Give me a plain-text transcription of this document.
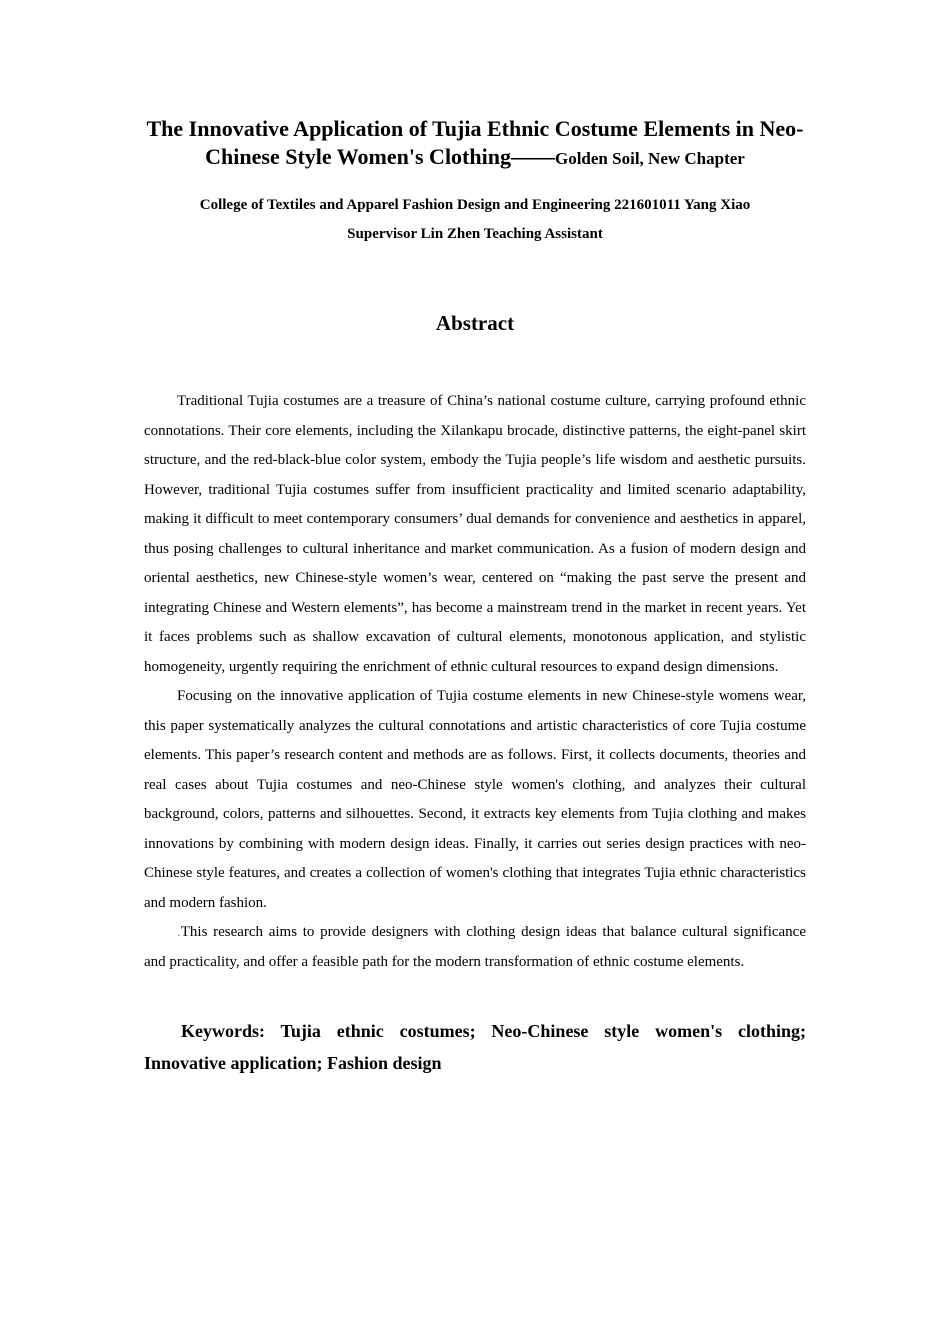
The Innovative Application of Tujia Ethnic Costume Elements in Neo-Chinese Style Women's Clothing——Golden Soil, New Chapter
College of Textiles and Apparel Fashion Design and Engineering 221601011 Yang Xiao
Supervisor Lin Zhen Teaching Assistant
Abstract

Traditional Tujia costumes are a treasure of China’s national costume culture, carrying profound ethnic connotations. Their core elements, including the Xilankapu brocade, distinctive patterns, the eight-panel skirt structure, and the red-black-blue color system, embody the Tujia people’s life wisdom and aesthetic pursuits. However, traditional Tujia costumes suffer from insufficient practicality and limited scenario adaptability, making it difficult to meet contemporary consumers’ dual demands for convenience and aesthetics in apparel, thus posing challenges to cultural inheritance and market communication. As a fusion of modern design and oriental aesthetics, new Chinese-style women’s wear, centered on “making the past serve the present and integrating Chinese and Western elements”, has become a mainstream trend in the market in recent years. Yet it faces problems such as shallow excavation of cultural elements, monotonous application, and stylistic homogeneity, urgently requiring the enrichment of ethnic cultural resources to expand design dimensions.

Focusing on the innovative application of Tujia costume elements in new Chinese-style womens wear, this paper systematically analyzes the cultural connotations and artistic characteristics of core Tujia costume elements. This paper’s research content and methods are as follows. First, it collects documents, theories and real cases about Tujia costumes and neo-Chinese style women's clothing, and analyzes their cultural background, colors, patterns and silhouettes. Second, it extracts key elements from Tujia clothing and makes innovations by combining with modern design ideas. Finally, it carries out series design practices with neo-Chinese style features, and creates a collection of women's clothing that integrates Tujia ethnic characteristics and modern fashion.

.This research aims to provide designers with clothing design ideas that balance cultural significance and practicality, and offer a feasible path for the modern transformation of ethnic costume elements.

Keywords: Tujia ethnic costumes; Neo-Chinese style women's clothing; Innovative application; Fashion design
